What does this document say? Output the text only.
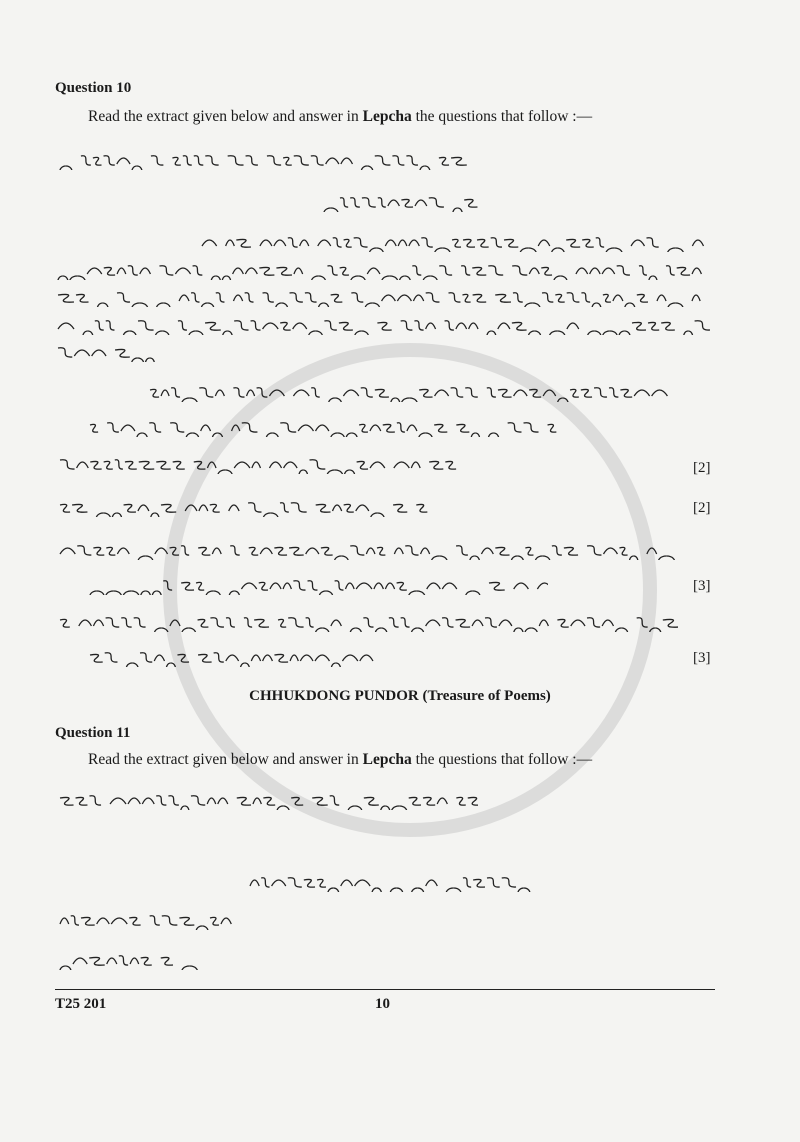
Question 10
Read the extract given below and answer in Lepcha the questions that follow :—
[2]
[2]
[3]
[3]
CHHUKDONG PUNDOR (Treasure of Poems)
Question 11
Read the extract given below and answer in Lepcha the questions that follow :—
T25 201	10
